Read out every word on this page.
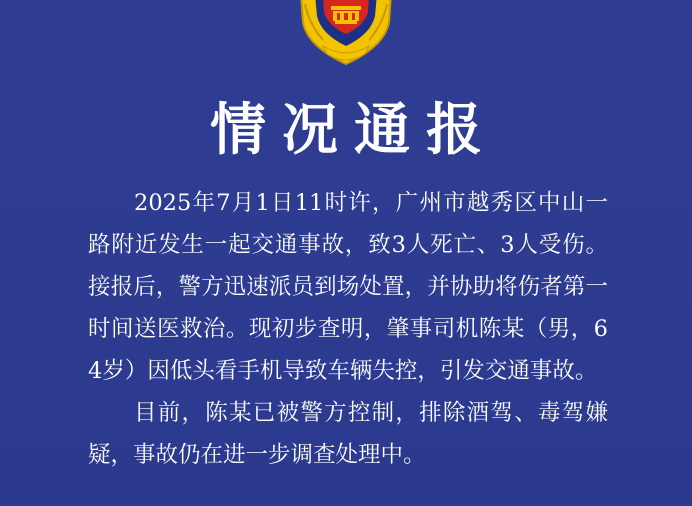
情况通报

2025年7月1日11时许，广州市越秀区中山一路附近发生一起交通事故，致3人死亡、3人受伤。接报后，警方迅速派员到场处置，并协助将伤者第一时间送医救治。现初步查明，肇事司机陈某（男，64岁）因低头看手机导致车辆失控，引发交通事故。

目前，陈某已被警方控制，排除酒驾、毒驾嫌疑，事故仍在进一步调查处理中。
